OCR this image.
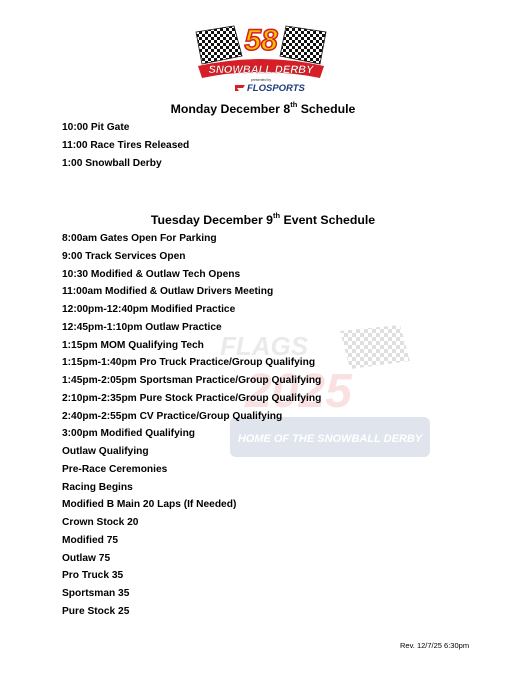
58
SNOWBALL DERBY
presented by
FLOSPORTS
FLAGS
2025
HOME OF THE SNOWBALL DERBY
Monday December 8th Schedule
10:00 Pit Gate
11:00 Race Tires Released
1:00 Snowball Derby
Tuesday December 9th Event Schedule
8:00am Gates Open For Parking
9:00 Track Services Open
10:30 Modified & Outlaw Tech Opens
11:00am Modified & Outlaw Drivers Meeting
12:00pm-12:40pm Modified Practice
12:45pm-1:10pm Outlaw Practice
1:15pm MOM Qualifying Tech
1:15pm-1:40pm Pro Truck Practice/Group Qualifying
1:45pm-2:05pm Sportsman Practice/Group Qualifying
2:10pm-2:35pm Pure Stock Practice/Group Qualifying
2:40pm-2:55pm CV Practice/Group Qualifying
3:00pm Modified Qualifying
Outlaw Qualifying
Pre-Race Ceremonies
Racing Begins
Modified B Main 20 Laps (If Needed)
Crown Stock 20
Modified 75
Outlaw 75
Pro Truck 35
Sportsman 35
Pure Stock 25
Rev. 12/7/25 6:30pm
